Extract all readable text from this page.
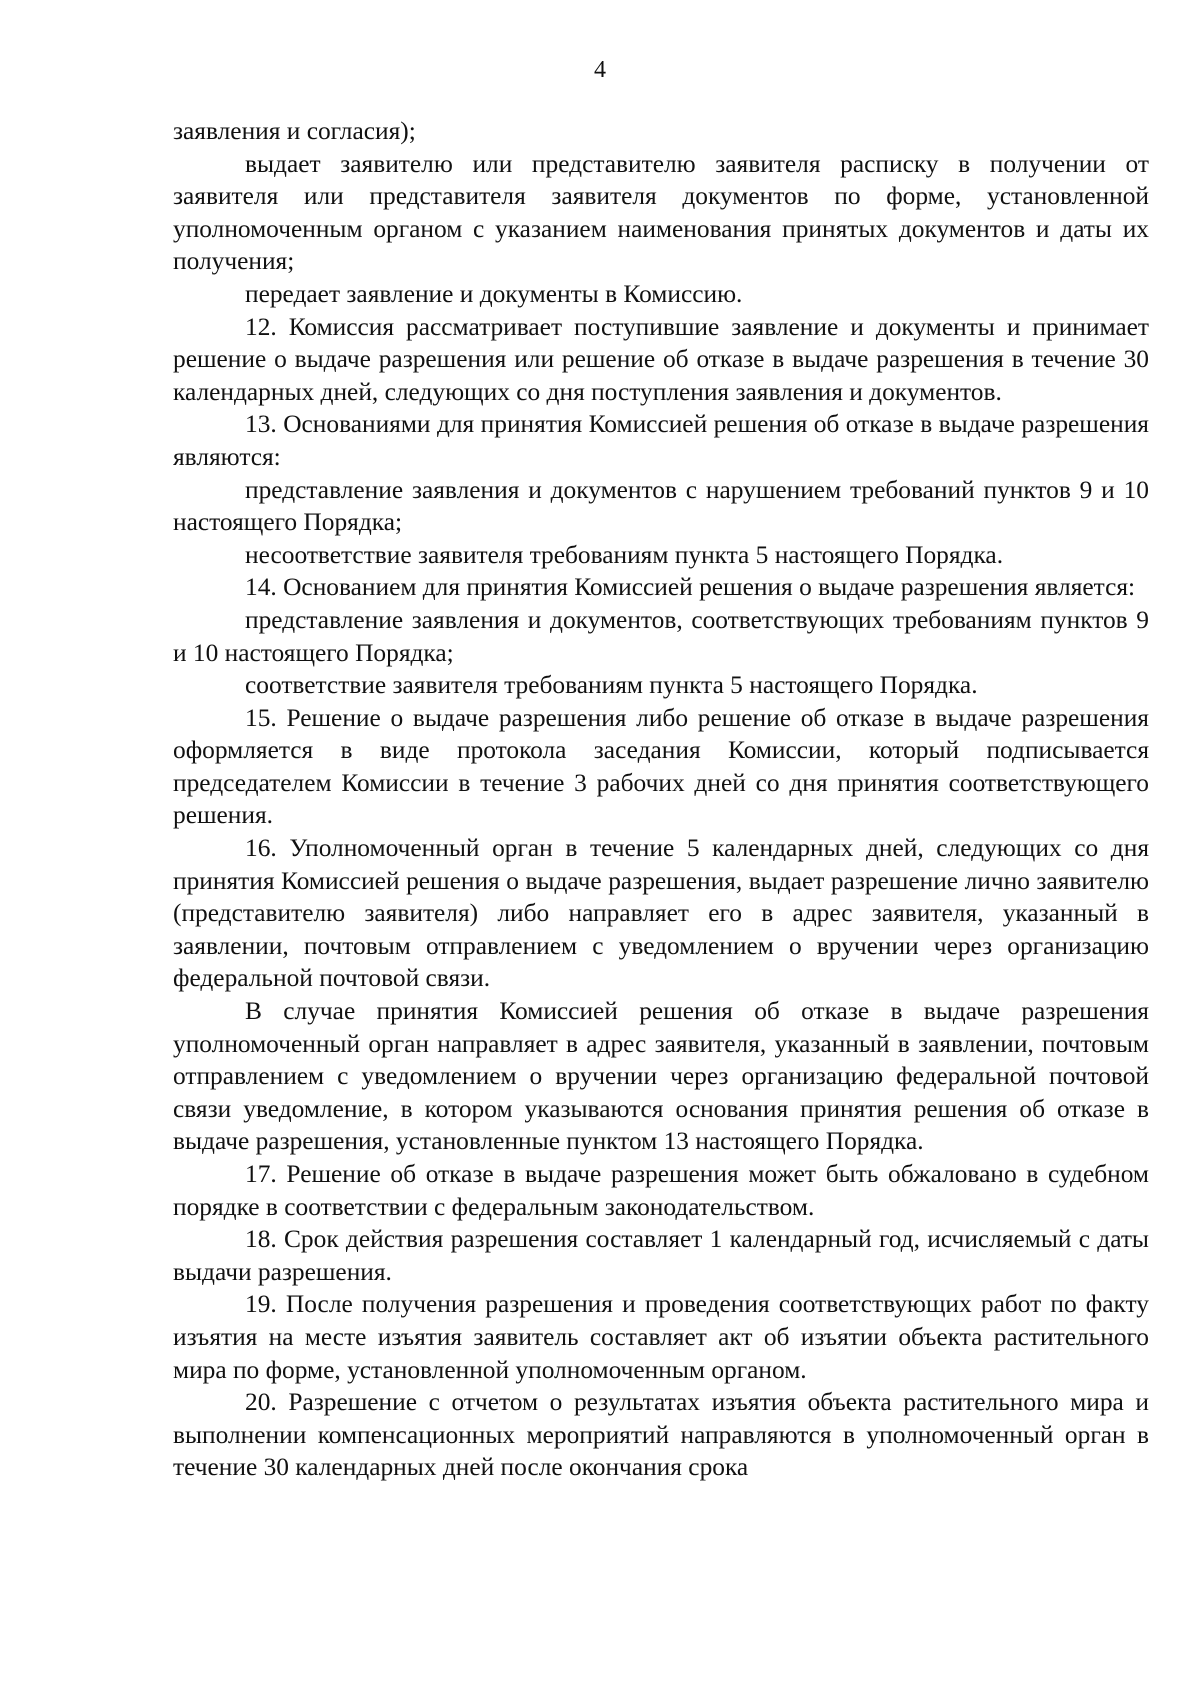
4

заявления и согласия);

выдает заявителю или представителю заявителя расписку в получении от заявителя или представителя заявителя документов по форме, установленной уполномоченным органом с указанием наименования принятых документов и даты их получения;

передает заявление и документы в Комиссию.

12. Комиссия рассматривает поступившие заявление и документы и принимает решение о выдаче разрешения или решение об отказе в выдаче разрешения в течение 30 календарных дней, следующих со дня поступления заявления и документов.

13. Основаниями для принятия Комиссией решения об отказе в выдаче разрешения являются:

представление заявления и документов с нарушением требований пунктов 9 и 10 настоящего Порядка;

несоответствие заявителя требованиям пункта 5 настоящего Порядка.

14. Основанием для принятия Комиссией решения о выдаче разрешения является:

представление заявления и документов, соответствующих требованиям пунктов 9 и 10 настоящего Порядка;

соответствие заявителя требованиям пункта 5 настоящего Порядка.

15. Решение о выдаче разрешения либо решение об отказе в выдаче разрешения оформляется в виде протокола заседания Комиссии, который подписывается председателем Комиссии в течение 3 рабочих дней со дня принятия соответствующего решения.

16. Уполномоченный орган в течение 5 календарных дней, следующих со дня принятия Комиссией решения о выдаче разрешения, выдает разрешение лично заявителю (представителю заявителя) либо направляет его в адрес заявителя, указанный в заявлении, почтовым отправлением с уведомлением о вручении через организацию федеральной почтовой связи.

В случае принятия Комиссией решения об отказе в выдаче разрешения уполномоченный орган направляет в адрес заявителя, указанный в заявлении, почтовым отправлением с уведомлением о вручении через организацию федеральной почтовой связи уведомление, в котором указываются основания принятия решения об отказе в выдаче разрешения, установленные пунктом 13 настоящего Порядка.

17. Решение об отказе в выдаче разрешения может быть обжаловано в судебном порядке в соответствии с федеральным законодательством.

18. Срок действия разрешения составляет 1 календарный год, исчисляемый с даты выдачи разрешения.

19. После получения разрешения и проведения соответствующих работ по факту изъятия на месте изъятия заявитель составляет акт об изъятии объекта растительного мира по форме, установленной уполномоченным органом.

20. Разрешение с отчетом о результатах изъятия объекта растительного мира и выполнении компенсационных мероприятий направляются в уполномоченный орган в течение 30 календарных дней после окончания срока
